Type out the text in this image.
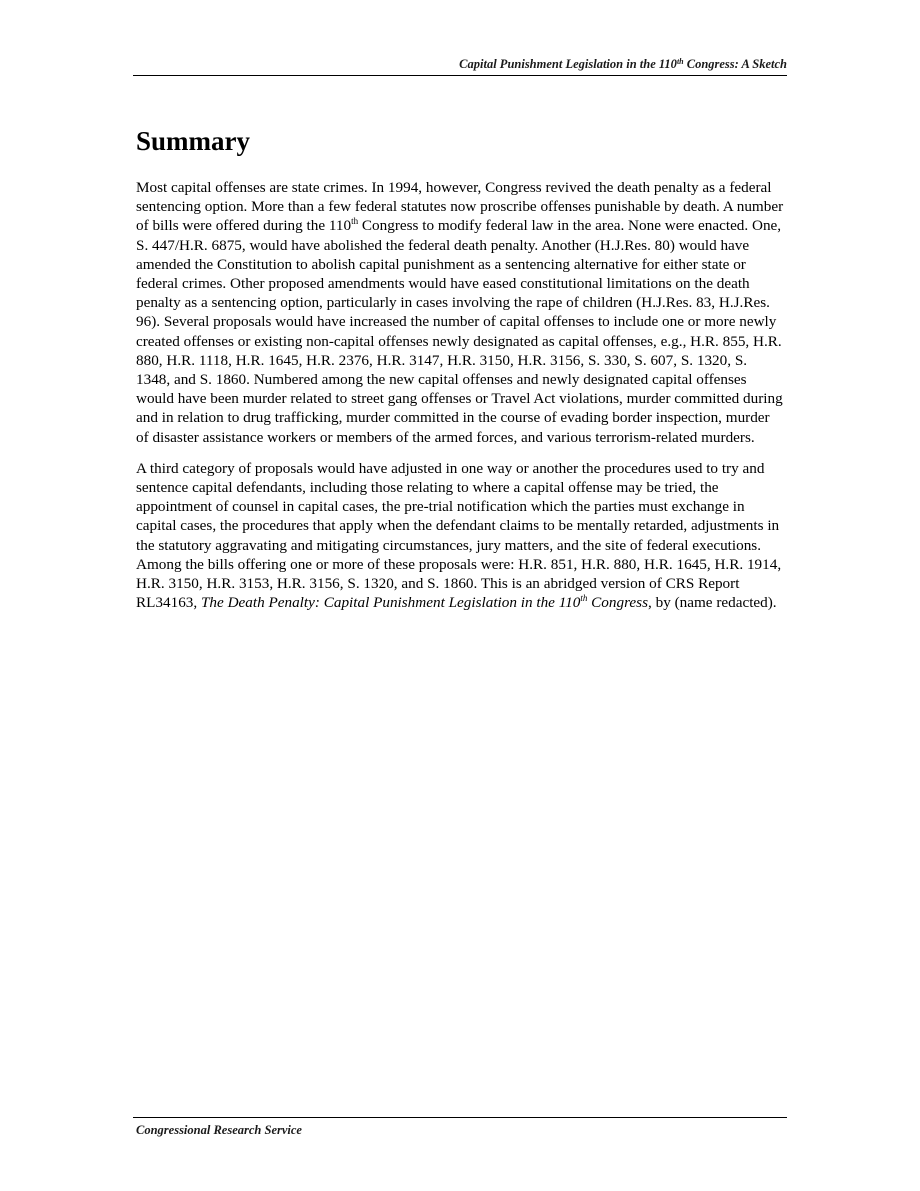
Capital Punishment Legislation in the 110th Congress: A Sketch
Summary

Most capital offenses are state crimes. In 1994, however, Congress revived the death penalty as a federal sentencing option. More than a few federal statutes now proscribe offenses punishable by death. A number of bills were offered during the 110th Congress to modify federal law in the area. None were enacted. One, S. 447/H.R. 6875, would have abolished the federal death penalty. Another (H.J.Res. 80) would have amended the Constitution to abolish capital punishment as a sentencing alternative for either state or federal crimes. Other proposed amendments would have eased constitutional limitations on the death penalty as a sentencing option, particularly in cases involving the rape of children (H.J.Res. 83, H.J.Res. 96). Several proposals would have increased the number of capital offenses to include one or more newly created offenses or existing non-capital offenses newly designated as capital offenses, e.g., H.R. 855, H.R. 880, H.R. 1118, H.R. 1645, H.R. 2376, H.R. 3147, H.R. 3150, H.R. 3156, S. 330, S. 607, S. 1320, S. 1348, and S. 1860. Numbered among the new capital offenses and newly designated capital offenses would have been murder related to street gang offenses or Travel Act violations, murder committed during and in relation to drug trafficking, murder committed in the course of evading border inspection, murder of disaster assistance workers or members of the armed forces, and various terrorism-related murders.

A third category of proposals would have adjusted in one way or another the procedures used to try and sentence capital defendants, including those relating to where a capital offense may be tried, the appointment of counsel in capital cases, the pre-trial notification which the parties must exchange in capital cases, the procedures that apply when the defendant claims to be mentally retarded, adjustments in the statutory aggravating and mitigating circumstances, jury matters, and the site of federal executions. Among the bills offering one or more of these proposals were: H.R. 851, H.R. 880, H.R. 1645, H.R. 1914, H.R. 3150, H.R. 3153, H.R. 3156, S. 1320, and S. 1860. This is an abridged version of CRS Report RL34163, The Death Penalty: Capital Punishment Legislation in the 110th Congress, by (name redacted).

Congressional Research Service
